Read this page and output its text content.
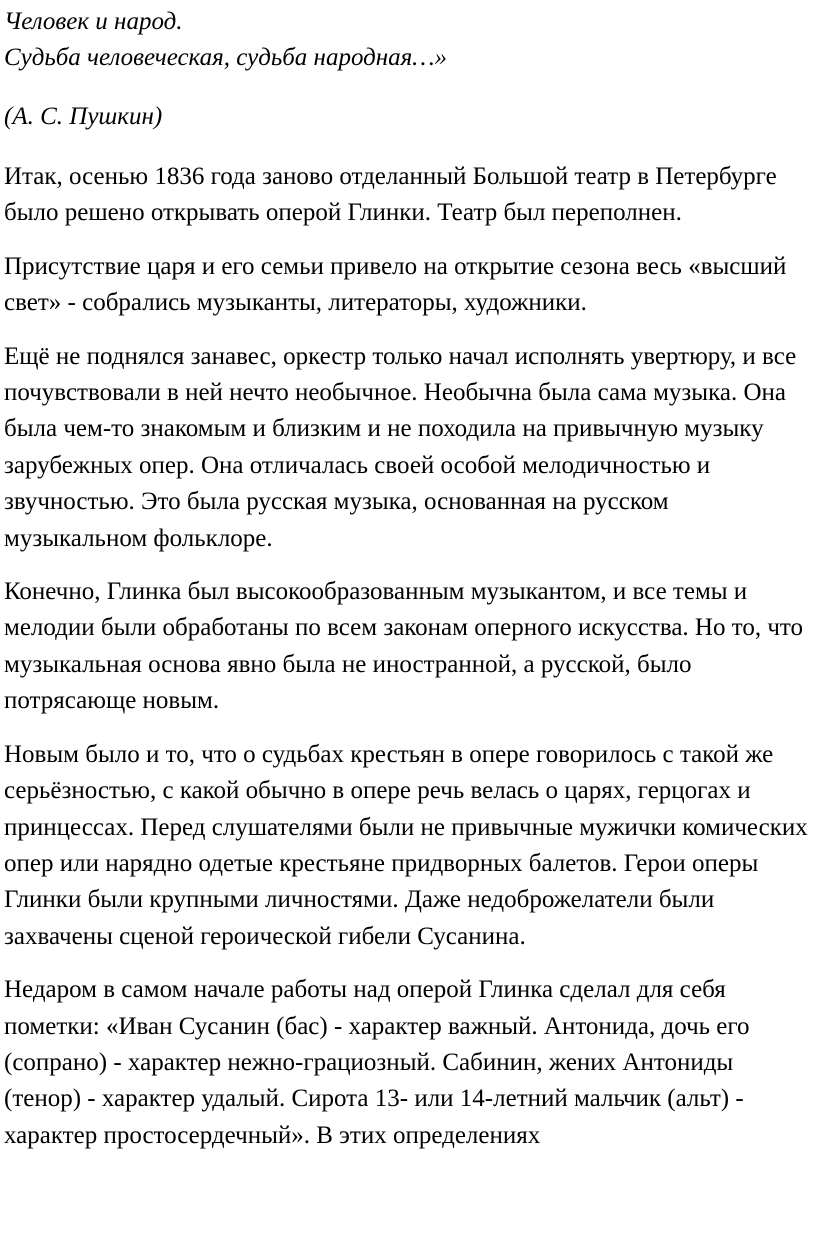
Человек и народ.

Судьба человеческая, судьба народная…»

(А. С. Пушкин)

Итак, осенью 1836 года заново отделанный Большой театр в Петербурге было решено открывать оперой Глинки. Театр был переполнен.

Присутствие царя и его семьи привело на открытие сезона весь «высший свет» - собрались музыканты, литераторы, художники.

Ещё не поднялся занавес, оркестр только начал исполнять увертюру, и все почувствовали в ней нечто необычное. Необычна была сама музыка. Она была чем-то знакомым и близким и не походила на привычную музыку зарубежных опер. Она отличалась своей особой мелодичностью и звучностью. Это была русская музыка, основанная на русском музыкальном фольклоре.

Конечно, Глинка был высокообразованным музыкантом, и все темы и мелодии были обработаны по всем законам оперного искусства. Но то, что музыкальная основа явно была не иностранной, а русской, было потрясающе новым.

Новым было и то, что о судьбах крестьян в опере говорилось с такой же серьёзностью, с какой обычно в опере речь велась о царях, герцогах и принцессах. Перед слушателями были не привычные мужички комических опер или нарядно одетые крестьяне придворных балетов. Герои оперы Глинки были крупными личностями. Даже недоброжелатели были захвачены сценой героической гибели Сусанина.

Недаром в самом начале работы над оперой Глинка сделал для себя пометки: «Иван Сусанин (бас) - характер важный. Антонида, дочь его (сопрано) - характер нежно-грациозный. Сабинин, жених Антониды (тенор) - характер удалый. Сирота 13- или 14-летний мальчик (альт) - характер простосердечный». В этих определениях
